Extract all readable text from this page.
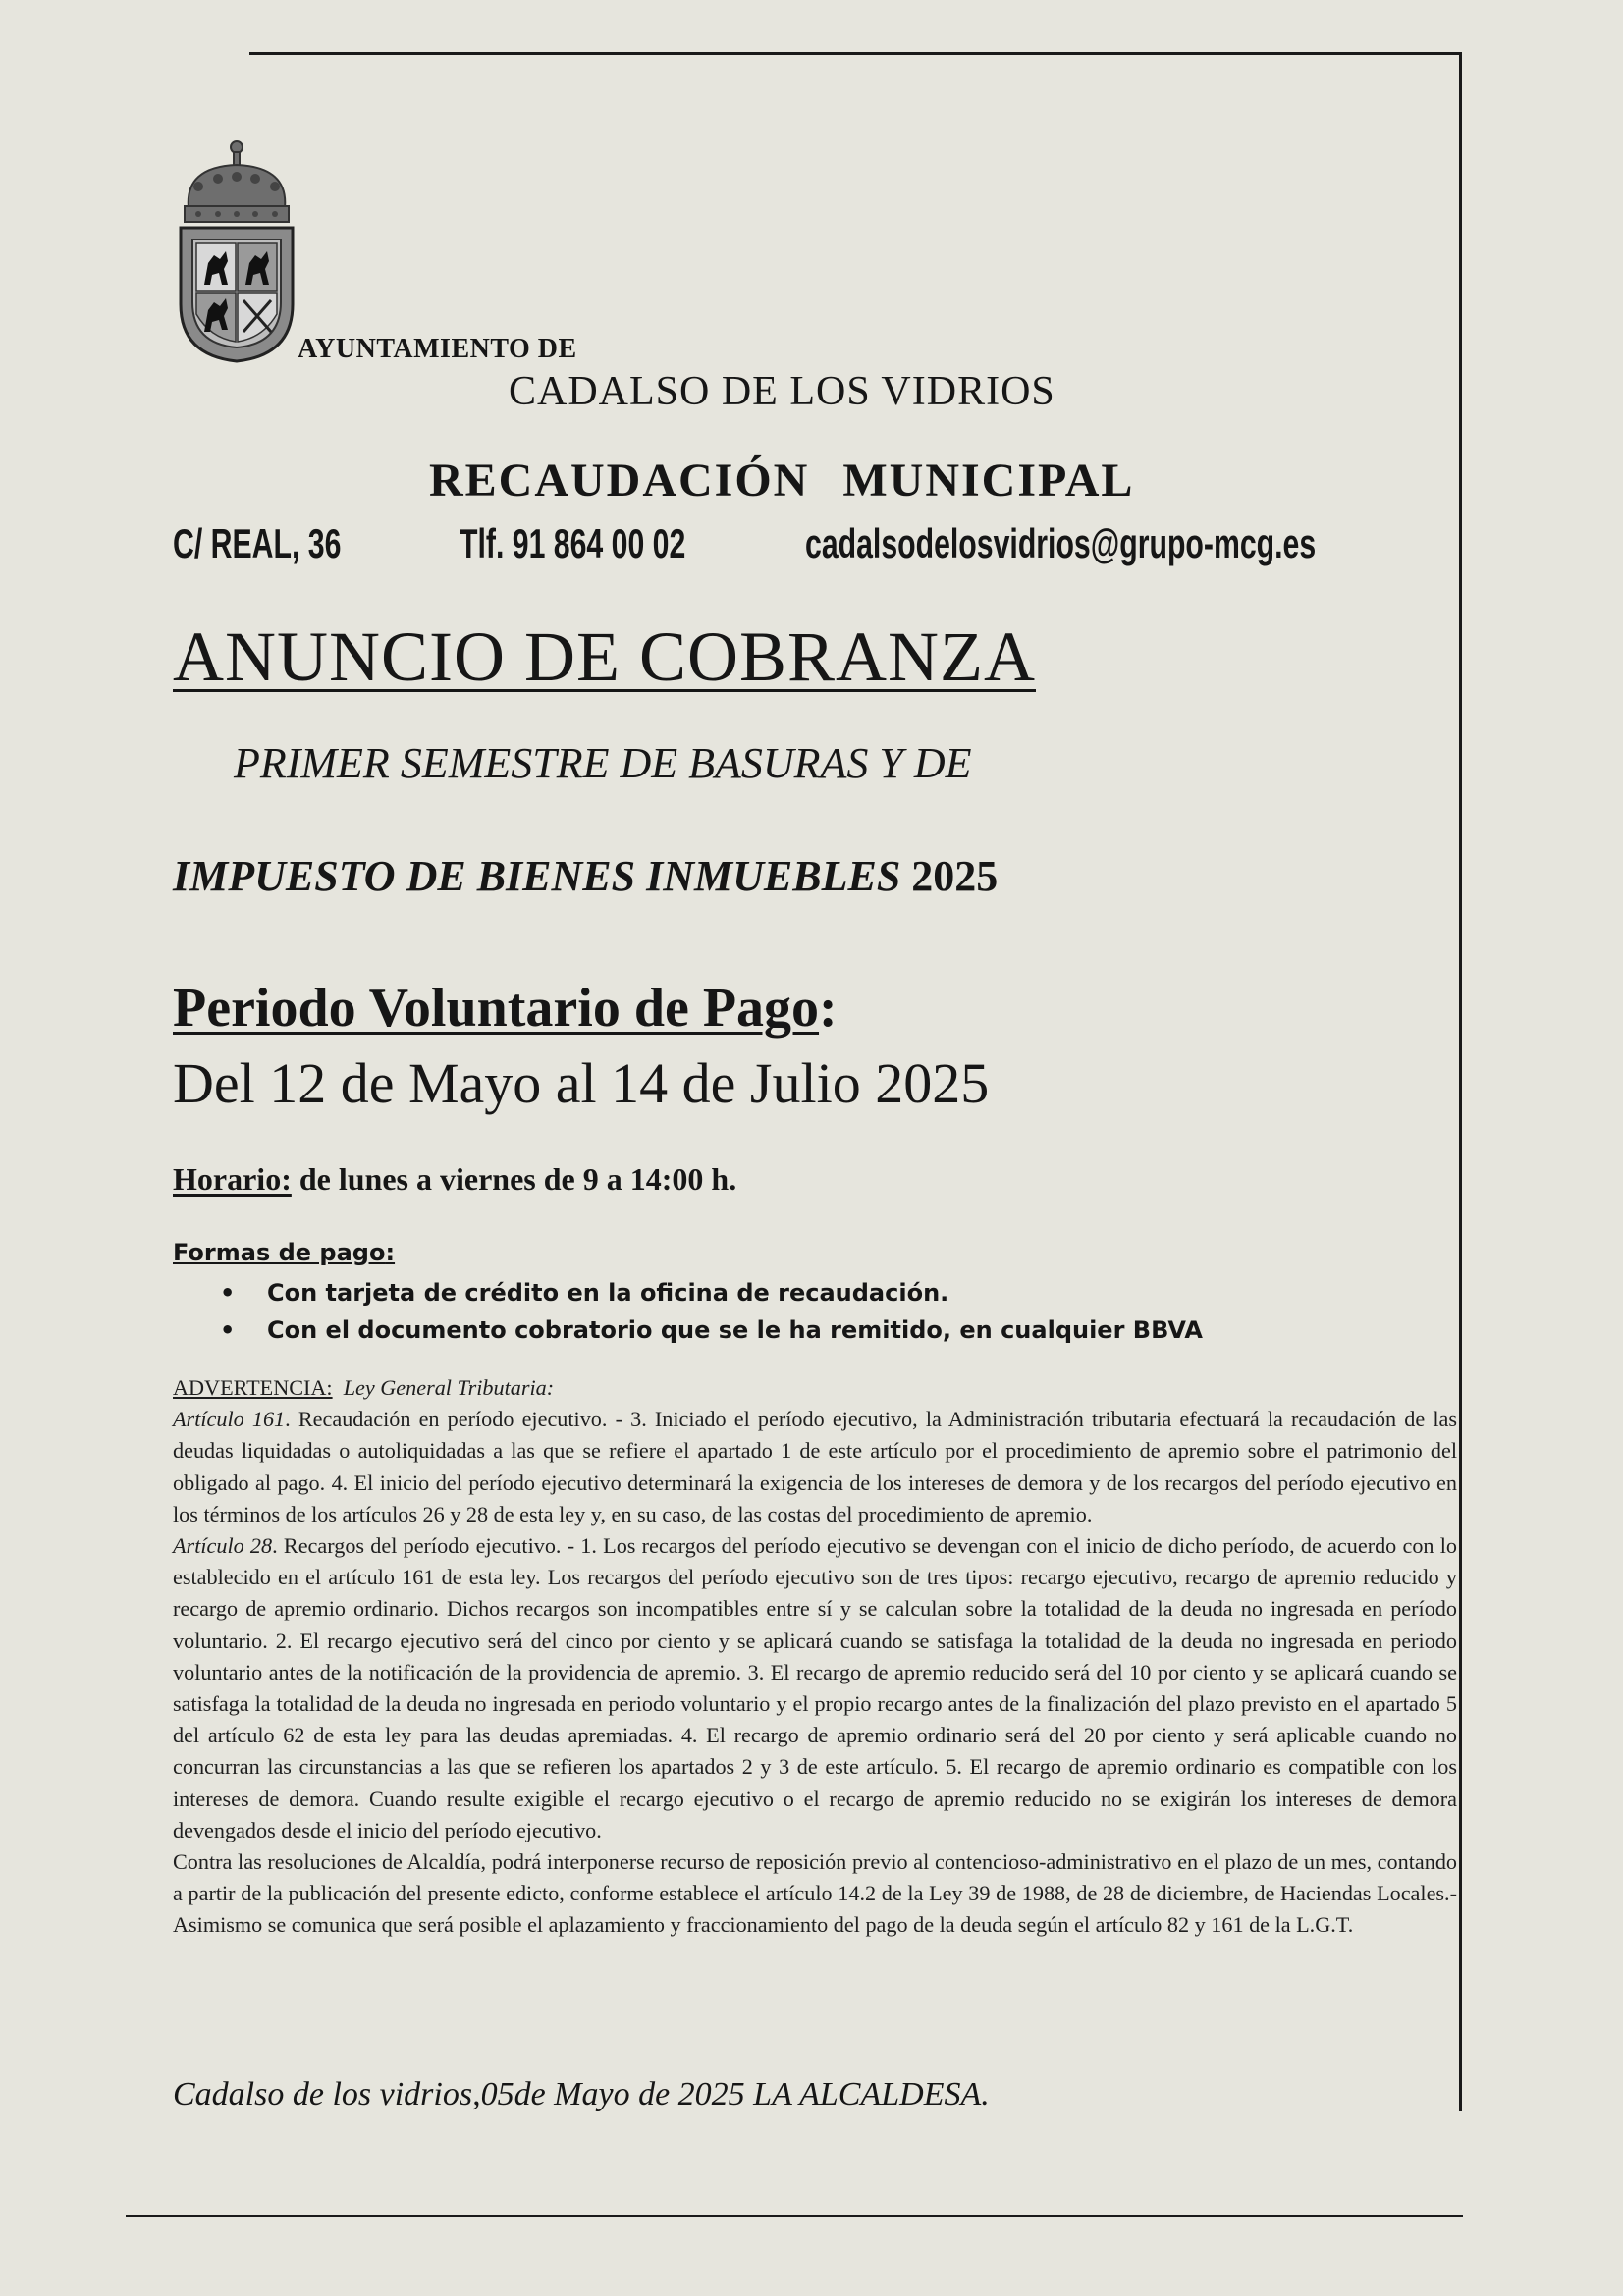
AYUNTAMIENTO DE
CADALSO DE LOS VIDRIOS
RECAUDACIÓN MUNICIPAL
C/ REAL, 36	Tlf. 91 864 00 02	cadalsodelosvidrios@grupo-mcg.es
ANUNCIO DE COBRANZA
PRIMER SEMESTRE DE BASURAS Y DE
IMPUESTO DE BIENES INMUEBLES 2025
Periodo Voluntario de Pago:
Del 12 de Mayo al 14 de Julio 2025
Horario: de lunes a viernes de 9 a 14:00 h.
Formas de pago:
• Con tarjeta de crédito en la oficina de recaudación.
• Con el documento cobratorio que se le ha remitido, en cualquier BBVA

ADVERTENCIA: Ley General Tributaria:

Artículo 161. Recaudación en período ejecutivo. - 3. Iniciado el período ejecutivo, la Administración tributaria efectuará la recaudación de las deudas liquidadas o autoliquidadas a las que se refiere el apartado 1 de este artículo por el procedimiento de apremio sobre el patrimonio del obligado al pago. 4. El inicio del período ejecutivo determinará la exigencia de los intereses de demora y de los recargos del período ejecutivo en los términos de los artículos 26 y 28 de esta ley y, en su caso, de las costas del procedimiento de apremio.

Artículo 28. Recargos del período ejecutivo. - 1. Los recargos del período ejecutivo se devengan con el inicio de dicho período, de acuerdo con lo establecido en el artículo 161 de esta ley. Los recargos del período ejecutivo son de tres tipos: recargo ejecutivo, recargo de apremio reducido y recargo de apremio ordinario. Dichos recargos son incompatibles entre sí y se calculan sobre la totalidad de la deuda no ingresada en período voluntario. 2. El recargo ejecutivo será del cinco por ciento y se aplicará cuando se satisfaga la totalidad de la deuda no ingresada en periodo voluntario antes de la notificación de la providencia de apremio. 3. El recargo de apremio reducido será del 10 por ciento y se aplicará cuando se satisfaga la totalidad de la deuda no ingresada en periodo voluntario y el propio recargo antes de la finalización del plazo previsto en el apartado 5 del artículo 62 de esta ley para las deudas apremiadas. 4. El recargo de apremio ordinario será del 20 por ciento y será aplicable cuando no concurran las circunstancias a las que se refieren los apartados 2 y 3 de este artículo. 5. El recargo de apremio ordinario es compatible con los intereses de demora. Cuando resulte exigible el recargo ejecutivo o el recargo de apremio reducido no se exigirán los intereses de demora devengados desde el inicio del período ejecutivo.

Contra las resoluciones de Alcaldía, podrá interponerse recurso de reposición previo al contencioso-administrativo en el plazo de un mes, contando a partir de la publicación del presente edicto, conforme establece el artículo 14.2 de la Ley 39 de 1988, de 28 de diciembre, de Haciendas Locales.- Asimismo se comunica que será posible el aplazamiento y fraccionamiento del pago de la deuda según el artículo 82 y 161 de la L.G.T.

Cadalso de los vidrios,05de Mayo de 2025 LA ALCALDESA.
